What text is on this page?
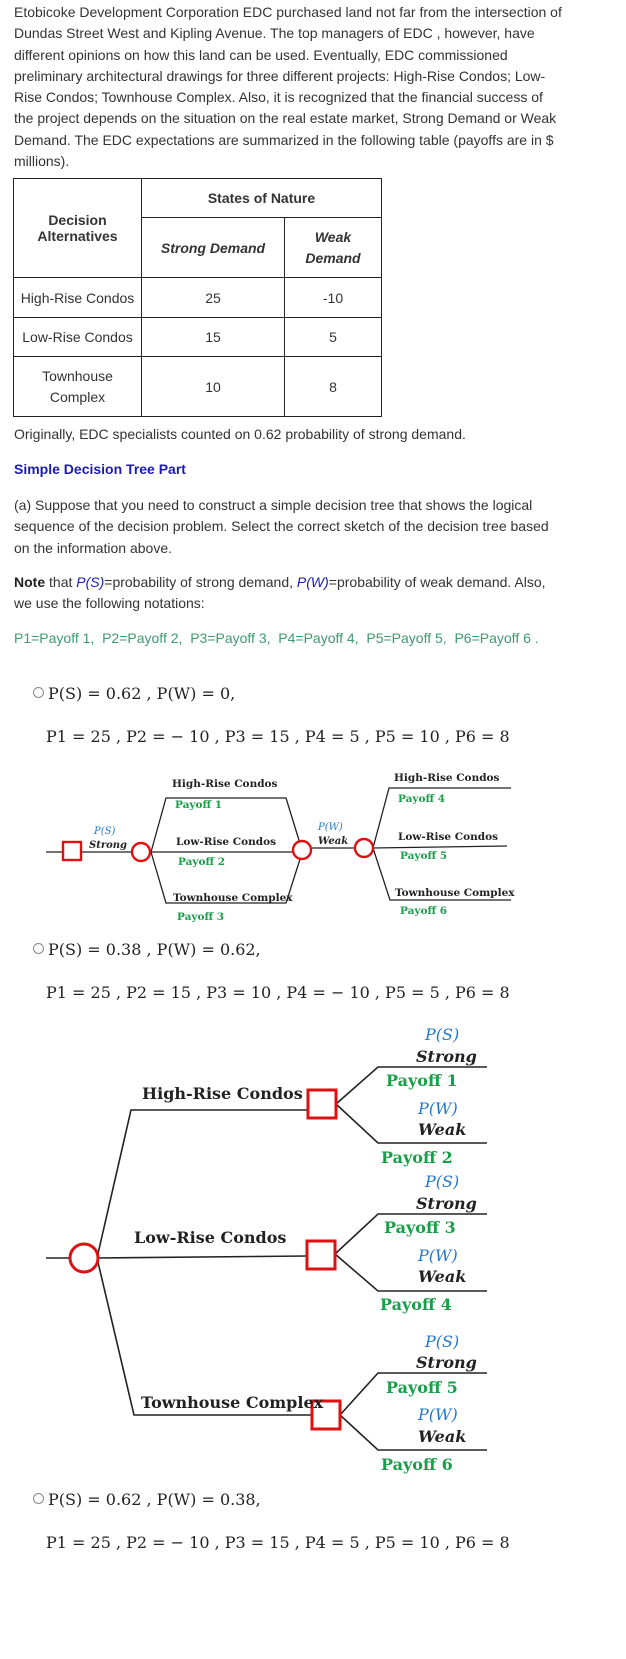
Etobicoke Development Corporation EDC purchased land not far from the intersection of Dundas Street West and Kipling Avenue. The top managers of EDC , however, have different opinions on how this land can be used. Eventually, EDC commissioned preliminary architectural drawings for three different projects: High-Rise Condos; Low-Rise Condos; Townhouse Complex. Also, it is recognized that the financial success of the project depends on the situation on the real estate market, Strong Demand or Weak Demand. The EDC expectations are summarized in the following table (payoffs are in $ millions).
Decision Alternatives	States of Nature	
	Strong Demand	Weak Demand
High-Rise Condos	25	-10
Low-Rise Condos	15	5
Townhouse Complex	10	8
Originally, EDC specialists counted on 0.62 probability of strong demand.
Simple Decision Tree Part
(a) Suppose that you need to construct a simple decision tree that shows the logical sequence of the decision problem. Select the correct sketch of the decision tree based on the information above.
Note that P(S)=probability of strong demand, P(W)=probability of weak demand. Also, we use the following notations:
P1=Payoff 1,  P2=Payoff 2,  P3=Payoff 3,  P4=Payoff 4,  P5=Payoff 5,  P6=Payoff 6 .
P(S) = 0.62 , P(W) = 0,
P1 = 25 , P2 = − 10 , P3 = 15 , P4 = 5 , P5 = 10 , P6 = 8
P(S)
Strong
P(W)
Weak
High-Rise Condos
Payoff 1
Low-Rise Condos
Payoff 2
Townhouse Complex
Payoff 3
High-Rise Condos
Payoff 4
Low-Rise Condos
Payoff 5
Townhouse Complex
Payoff 6
P(S) = 0.38 , P(W) = 0.62,
P1 = 25 , P2 = 15 , P3 = 10 , P4 = − 10 , P5 = 5 , P6 = 8
High-Rise Condos
Low-Rise Condos
Townhouse Complex
P(S)
Strong
Payoff 1
P(W)
Weak
Payoff 2
P(S)
Strong
Payoff 3
P(W)
Weak
Payoff 4
P(S)
Strong
Payoff 5
P(W)
Weak
Payoff 6
P(S) = 0.62 , P(W) = 0.38,
P1 = 25 , P2 = − 10 , P3 = 15 , P4 = 5 , P5 = 10 , P6 = 8
